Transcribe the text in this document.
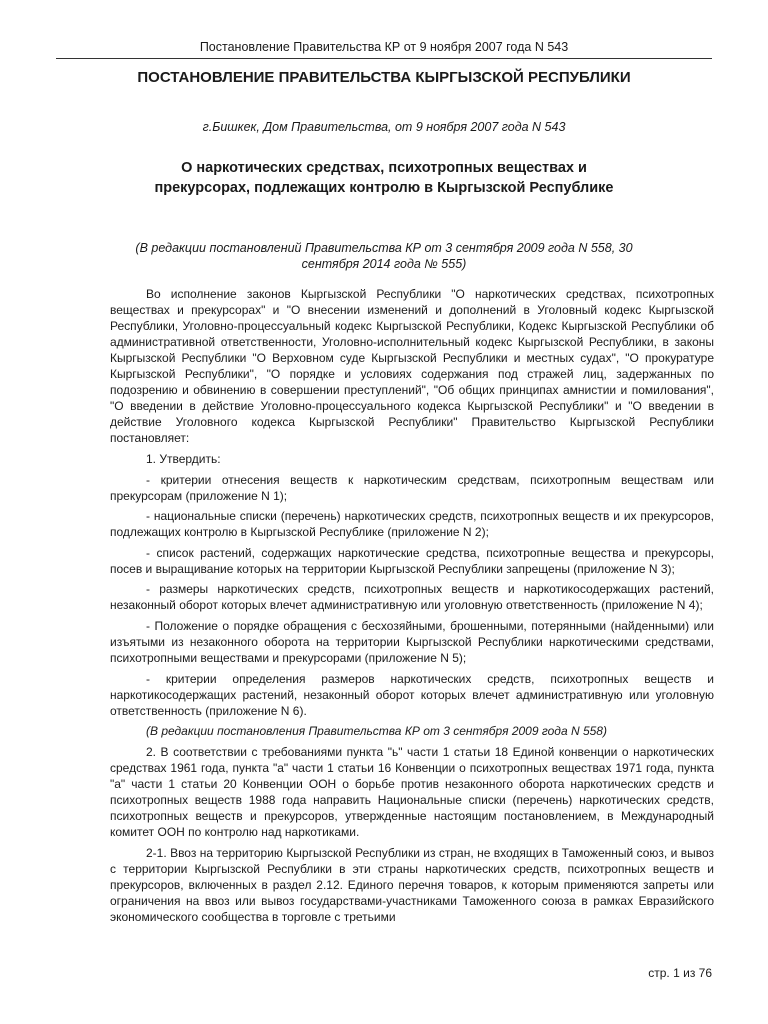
Постановление Правительства КР от 9 ноября 2007 года N 543
ПОСТАНОВЛЕНИЕ ПРАВИТЕЛЬСТВА КЫРГЫЗСКОЙ РЕСПУБЛИКИ
г.Бишкек, Дом Правительства, от 9 ноября 2007 года N 543
О наркотических средствах, психотропных веществах и прекурсорах, подлежащих контролю в Кыргызской Республике
(В редакции постановлений Правительства КР от 3 сентября 2009 года N 558, 30 сентября 2014 года № 555)

Во исполнение законов Кыргызской Республики "О наркотических средствах, психотропных веществах и прекурсорах" и "О внесении изменений и дополнений в Уголовный кодекс Кыргызской Республики, Уголовно-процессуальный кодекс Кыргызской Республики, Кодекс Кыргызской Республики об административной ответственности, Уголовно-исполнительный кодекс Кыргызской Республики, в законы Кыргызской Республики "О Верховном суде Кыргызской Республики и местных судах", "О прокуратуре Кыргызской Республики", "О порядке и условиях содержания под стражей лиц, задержанных по подозрению и обвинению в совершении преступлений", "Об общих принципах амнистии и помилования", "О введении в действие Уголовно-процессуального кодекса Кыргызской Республики" и "О введении в действие Уголовного кодекса Кыргызской Республики" Правительство Кыргызской Республики постановляет:

1. Утвердить:

- критерии отнесения веществ к наркотическим средствам, психотропным веществам или прекурсорам (приложение N 1);

- национальные списки (перечень) наркотических средств, психотропных веществ и их прекурсоров, подлежащих контролю в Кыргызской Республике (приложение N 2);

- список растений, содержащих наркотические средства, психотропные вещества и прекурсоры, посев и выращивание которых на территории Кыргызской Республики запрещены (приложение N 3);

- размеры наркотических средств, психотропных веществ и наркотикосодержащих растений, незаконный оборот которых влечет административную или уголовную ответственность (приложение N 4);

- Положение о порядке обращения с бесхозяйными, брошенными, потерянными (найденными) или изъятыми из незаконного оборота на территории Кыргызской Республики наркотическими средствами, психотропными веществами и прекурсорами (приложение N 5);

- критерии определения размеров наркотических средств, психотропных веществ и наркотикосодержащих растений, незаконный оборот которых влечет административную или уголовную ответственность (приложение N 6).

(В редакции постановления Правительства КР от 3 сентября 2009 года N 558)

2. В соответствии с требованиями пункта "ь" части 1 статьи 18 Единой конвенции о наркотических средствах 1961 года, пункта "а" части 1 статьи 16 Конвенции о психотропных веществах 1971 года, пункта "а" части 1 статьи 20 Конвенции ООН о борьбе против незаконного оборота наркотических средств и психотропных веществ 1988 года направить Национальные списки (перечень) наркотических средств, психотропных веществ и прекурсоров, утвержденные настоящим постановлением, в Международный комитет ООН по контролю над наркотиками.

2-1. Ввоз на территорию Кыргызской Республики из стран, не входящих в Таможенный союз, и вывоз с территории Кыргызской Республики в эти страны наркотических средств, психотропных веществ и прекурсоров, включенных в раздел 2.12. Единого перечня товаров, к которым применяются запреты или ограничения на ввоз или вывоз государствами-участниками Таможенного союза в рамках Евразийского экономического сообщества в торговле с третьими

стр. 1 из 76
